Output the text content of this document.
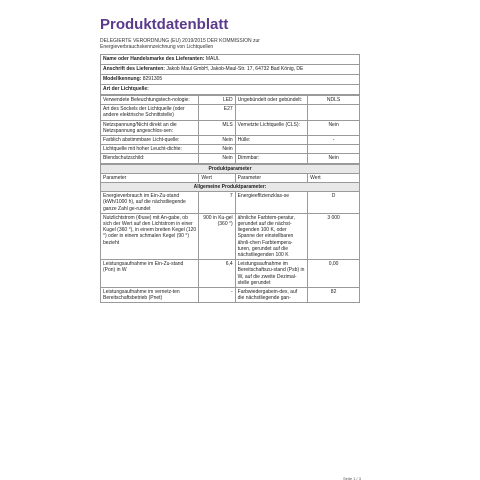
Produktdatenblatt
DELEGIERTE VERORDNUNG (EU) 2019/2015 DER KOMMISSION zur
Energieverbrauchskennzeichnung von Lichtquellen
Name oder Handelsmarke des Lieferanten: MAUL
Anschrift des Lieferanten: Jakob Maul GmbH, Jakob-Maul-Str. 17, 64732 Bad König, DE
Modellkennung: 8291305
Art der Lichtquelle:
Verwendete Beleuchtungstech-nologie:	LED	Ungebündelt oder gebündelt:	NDLS
Art des Sockels der Lichtquelle (oder andere elektrische Schnittstelle)	E27		
Netzspannung/Nicht direkt an die Netzspannung angeschlos-sen:	MLS	Vernetzte Lichtquelle (CLS):	Nein
Farblich abstimmbare Licht-quelle:	Nein	Hülle:	-
Lichtquelle mit hoher Leucht-dichte:	Nein		
Blendschutzschild:	Nein	Dimmbar:	Nein
Produktparameter			
Parameter	Wert	Parameter	Wert
Allgemeine Produktparameter:			
Energieverbrauch im Ein-Zu-stand (kWh/1000 h), auf die nächstliegende ganze Zahl ge-rundet	7	Energieeffizienzklas-se	D
Nutzlichtstrom (Φuse) mit An-gabe, ob sich der Wert auf den Lichtstrom in einer Kugel (360 °), in einem breiten Kegel (120 °) oder in einem schmalen Kegel (90 °) bezieht	900 in Ku-gel (360 °)	ähnliche Farbtem-peratur, gerundet auf die nächst-liegenden 100 K, oder Spanne der einstellbaren ähnli-chen Farbtempera-turen, gerundet auf die nächstliegenden 100 K	3 000
Leistungsaufnahme im Ein-Zu-stand (Pon) in W	6,4	Leistungsaufnahme im Bereitschaftszu-stand (Psb) in W, auf die zweite Dezimal-stelle gerundet	0,00
Leistungsaufnahme im vernetz-ten Bereitschaftsbetrieb (Pnet)	-	Farbwiedergabein-dex, auf die nächstliegende gan-	82
Seite 1 / 3
